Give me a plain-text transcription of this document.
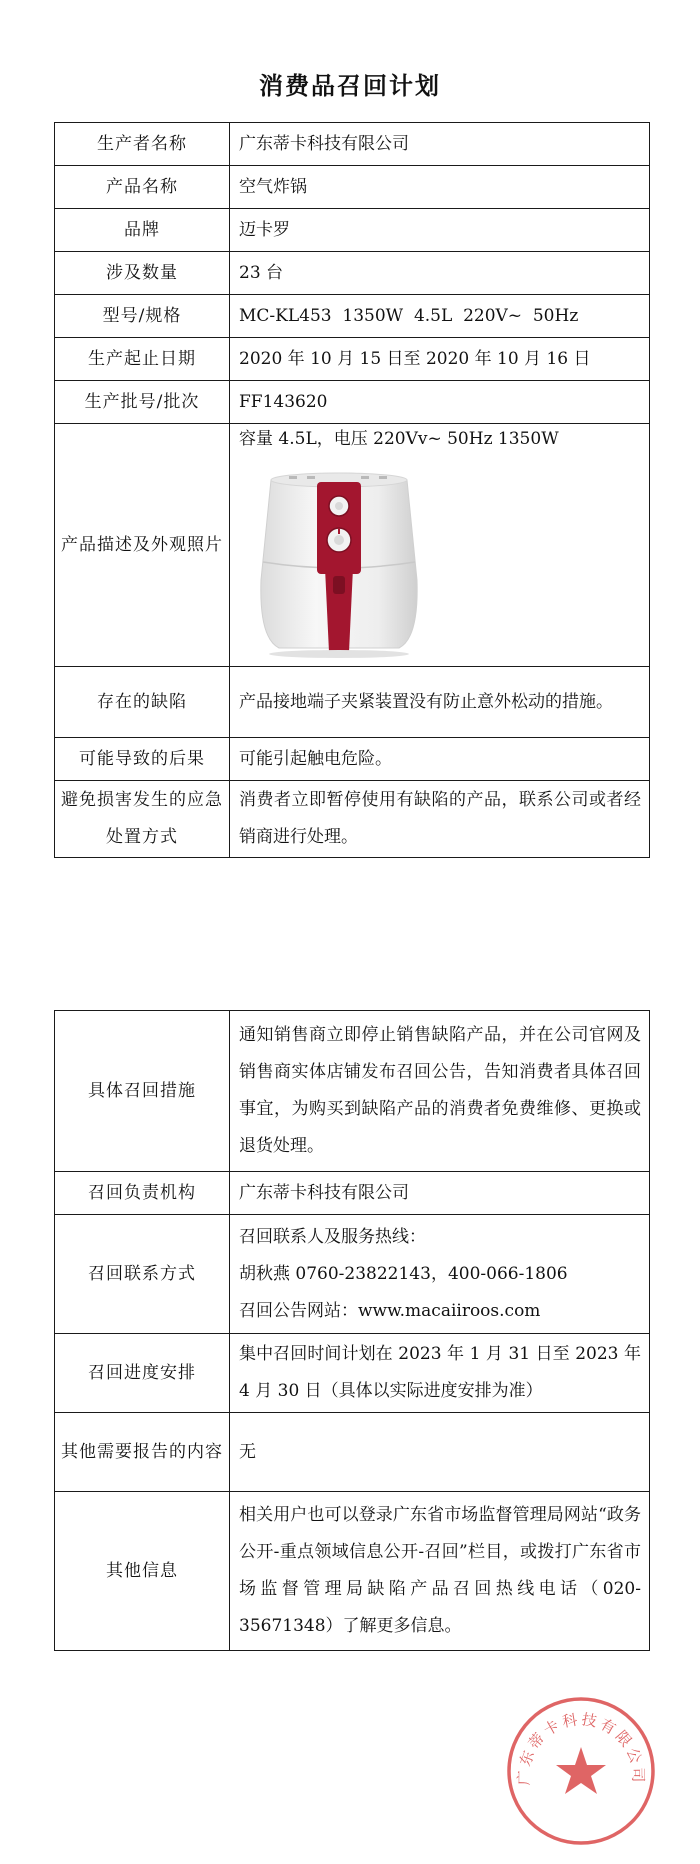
消费品召回计划
生产者名称	广东蒂卡科技有限公司
产品名称	空气炸锅
品牌	迈卡罗
涉及数量	23 台
型号/规格	MC-KL453  1350W  4.5L  220V~  50Hz
生产起止日期	2020 年 10 月 15 日至 2020 年 10 月 16 日
生产批号/批次	FF143620
产品描述及外观照片	容量 4.5L，电压 220Vv~ 50Hz 1350W

存在的缺陷	产品接地端子夹紧装置没有防止意外松动的措施。
可能导致的后果	可能引起触电危险。
避免损害发生的应急处置方式	消费者立即暂停使用有缺陷的产品，联系公司或者经销商进行处理。
具体召回措施	通知销售商立即停止销售缺陷产品，并在公司官网及销售商实体店铺发布召回公告，告知消费者具体召回事宜，为购买到缺陷产品的消费者免费维修、更换或退货处理。
召回负责机构	广东蒂卡科技有限公司
召回联系方式	召回联系人及服务热线：
胡秋燕 0760-23822143，400-066-1806
召回公告网站：www.macaiiroos.com

召回进度安排	集中召回时间计划在 2023 年 1 月 31 日至 2023 年 4 月 30 日（具体以实际进度安排为准）
其他需要报告的内容	无
其他信息	相关用户也可以登录广东省市场监督管理局网站“政务公开-重点领域信息公开-召回”栏目，或拨打广东省市场监督管理局缺陷产品召回热线电话（020-35671348）了解更多信息。
广东蒂卡科技有限公司
